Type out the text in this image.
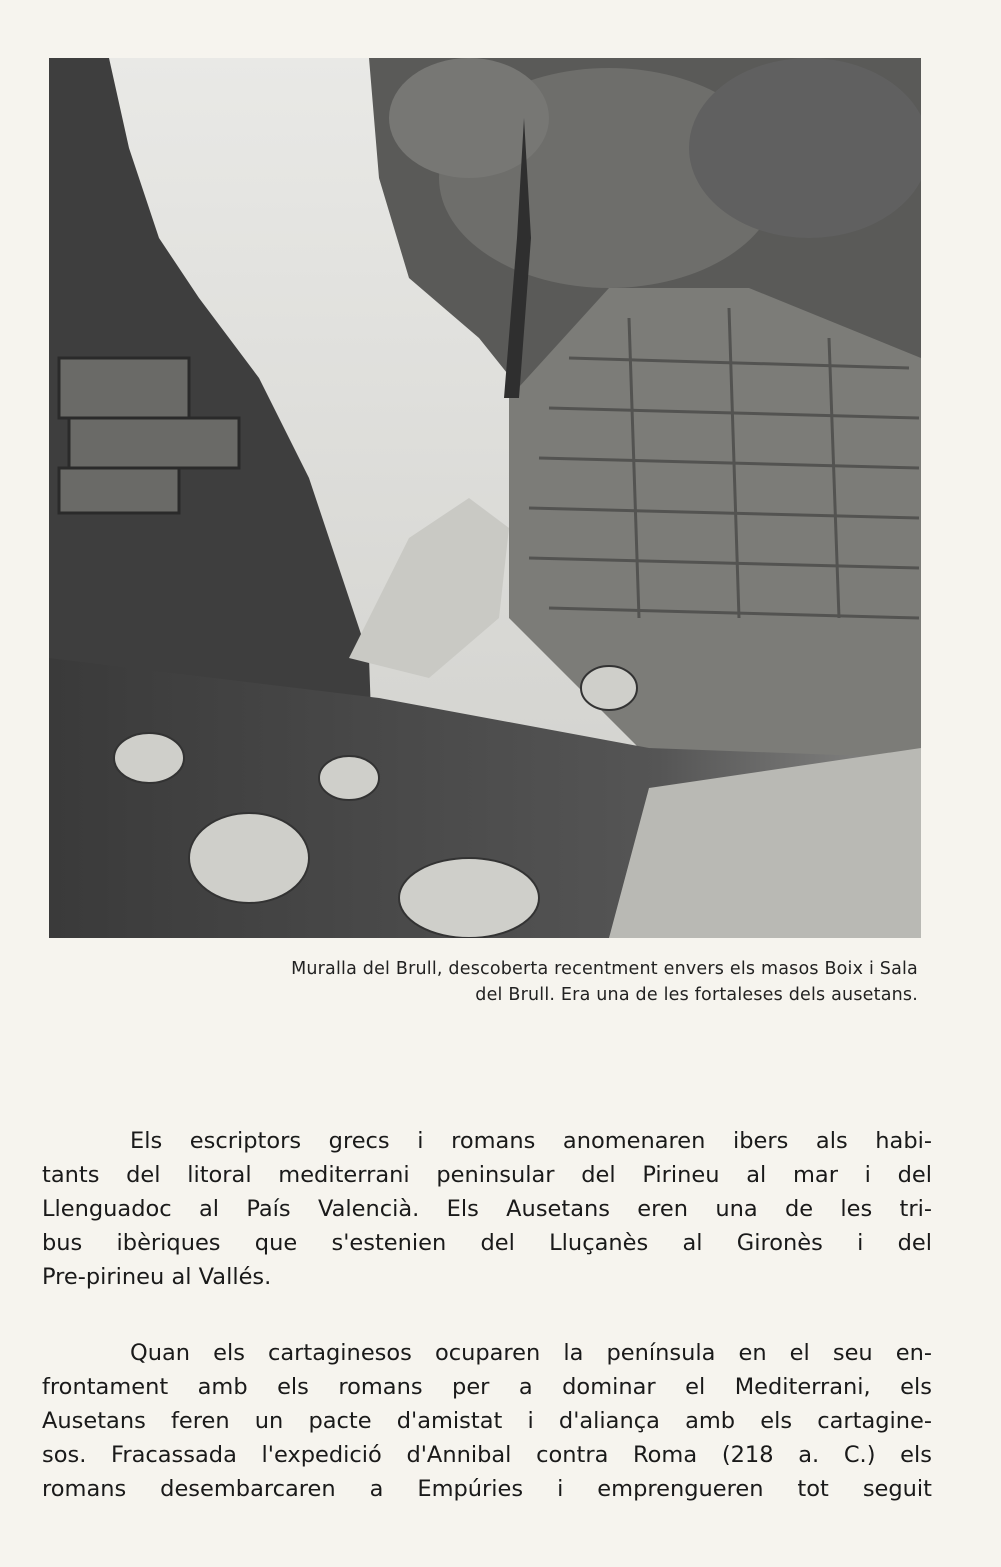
Muralla del Brull, descoberta recentment envers els masos Boix i Sala
del Brull. Era una de les fortaleses dels ausetans.
Els escriptors grecs i romans anomenaren ibers als habi-
tants del litoral mediterrani peninsular del Pirineu al mar i del
Llenguadoc al País Valencià. Els Ausetans eren una de les tri-
bus ibèriques que s'estenien del Lluçanès al Gironès i del
Pre-pirineu al Vallés.
Quan els cartaginesos ocuparen la península en el seu en-
frontament amb els romans per a dominar el Mediterrani, els
Ausetans feren un pacte d'amistat i d'aliança amb els cartagine-
sos. Fracassada l'expedició d'Annibal contra Roma (218 a. C.) els
romans desembarcaren a Empúries i emprengueren tot seguit
